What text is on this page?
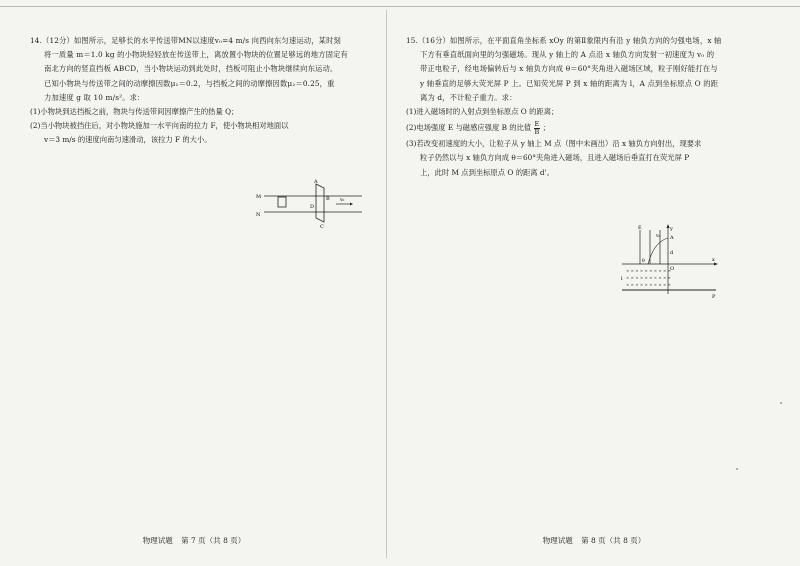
14.（12分）如图所示，足够长的水平传送带MN以速度v₀=4 m/s 向西向东匀速运动，某时刻

将一质量 m＝1.0 kg 的小物块轻轻放在传送带上，离放置小物块的位置足够远的地方固定有

南北方向的竖直挡板 ABCD，当小物块运动到此处时，挡板可阻止小物块继续向东运动。

已知小物块与传送带之间的动摩擦因数μ₁＝0.2，与挡板之间的动摩擦因数μ₂＝0.25，重

力加速度 g 取 10 m/s²。求：

(1)小物块到达挡板之前，物块与传送带间因摩擦产生的热量 Q；

(2)当小物块被挡住后，对小物块施加一水平向南的拉力 F，使小物块相对地面以

v＝3 m/s 的速度向南匀速滑动，该拉力 F 的大小。

M
N
A
B
C
D
v₀
物理试题 第 7 页（共 8 页）

15.（16分）如图所示，在平面直角坐标系 xOy 的第Ⅱ象限内有沿 y 轴负方向的匀强电场，x 轴

下方有垂直纸面向里的匀强磁场。现从 y 轴上的 A 点沿 x 轴负方向发射一初速度为 v₀ 的

带正电粒子，经电场偏转后与 x 轴负方向成 θ＝60°夹角进入磁场区域，粒子刚好能打在与

y 轴垂直的足够大荧光屏 P 上。已知荧光屏 P 到 x 轴的距离为 l，A 点到坐标原点 O 的距

离为 d，不计粒子重力。求：

(1)进入磁场时的入射点到坐标原点 O 的距离；

(2)电场强度 E 与磁感应强度 B 的比值 $\frac{E}{B}$ ；

(3)若改变初速度的大小，让粒子从 y 轴上 M 点（图中未画出）沿 x 轴负方向射出，现要求

粒子仍然以与 x 轴负方向成 θ＝60°夹角进入磁场，且进入磁场后垂直打在荧光屏 P

上，此时 M 点到坐标原点 O 的距离 d'。

× × × × × × × × × ×
× × × × × × × × × ×
× × × × × × × × × ×
E	y
A
v₀
d
O
x
l
P
θ
物理试题 第 8 页（共 8 页）
